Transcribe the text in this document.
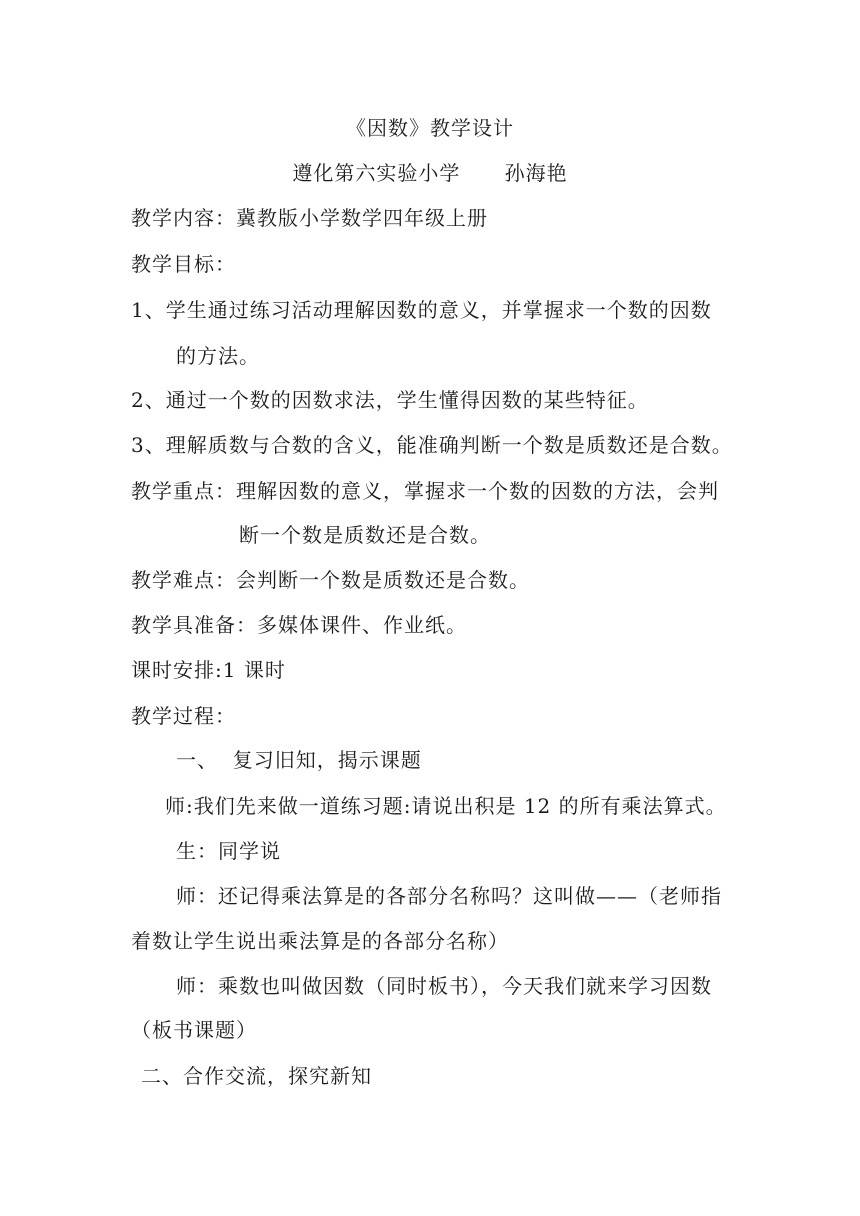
《因数》教学设计
遵化第六实验小学      孙海艳
教学内容：冀教版小学数学四年级上册
教学目标：
1、学生通过练习活动理解因数的意义，并掌握求一个数的因数
的方法。
2、通过一个数的因数求法，学生懂得因数的某些特征。
3、理解质数与合数的含义，能准确判断一个数是质数还是合数。
教学重点：理解因数的意义，掌握求一个数的因数的方法，会判
断一个数是质数还是合数。
教学难点：会判断一个数是质数还是合数。
教学具准备：多媒体课件、作业纸。
课时安排:1 课时
教学过程：
一、  复习旧知，揭示课题
师:我们先来做一道练习题:请说出积是 12 的所有乘法算式。
生：同学说
师：还记得乘法算是的各部分名称吗？这叫做——（老师指
着数让学生说出乘法算是的各部分名称）
师：乘数也叫做因数（同时板书），今天我们就来学习因数
（板书课题）
二、合作交流，探究新知
